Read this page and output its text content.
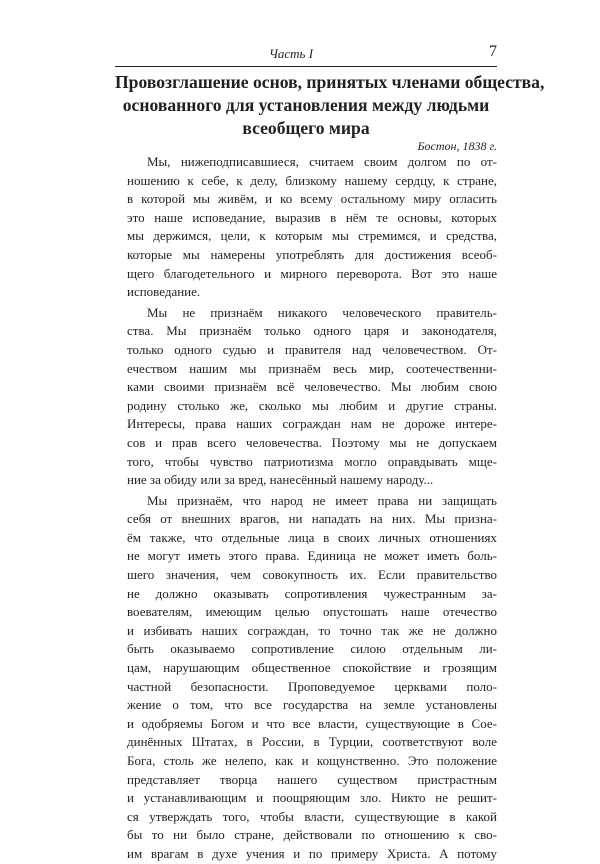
Часть I	7
Провозглашение основ, принятых членами общества,
основанного для установления между людьми
всеобщего мира
Бостон, 1838 г.

Мы, нижеподписавшиеся, считаем своим долгом по от-
ношению к себе, к делу, близкому нашему сердцу, к стране,
в которой мы живём, и ко всему остальному миру огласить
это наше исповедание, выразив в нём те основы, которых
мы держимся, цели, к которым мы стремимся, и средства,
которые мы намерены употреблять для достижения всеоб-
щего благодетельного и мирного переворота. Вот это наше
исповедание.

Мы не признаём никакого человеческого правитель-
ства. Мы признаём только одного царя и законодателя,
только одного судью и правителя над человечеством. От-
ечеством нашим мы признаём весь мир, соотечественни-
ками своими признаём всё человечество. Мы любим свою
родину столько же, сколько мы любим и другие страны.
Интересы, права наших сограждан нам не дороже интере-
сов и прав всего человечества. Поэтому мы не допускаем
того, чтобы чувство патриотизма могло оправдывать мще-
ние за обиду или за вред, нанесённый нашему народу...

Мы признаём, что народ не имеет права ни защищать
себя от внешних врагов, ни нападать на них. Мы призна-
ём также, что отдельные лица в своих личных отношениях
не могут иметь этого права. Единица не может иметь боль-
шего значения, чем совокупность их. Если правительство
не должно оказывать сопротивления чужестранным за-
воевателям, имеющим целью опустошать наше отечество
и избивать наших сограждан, то точно так же не должно
быть оказываемо сопротивление силою отдельным ли-
цам, нарушающим общественное спокойствие и грозящим
частной безопасности. Проповедуемое церквами поло-
жение о том, что все государства на земле установлены
и одобряемы Богом и что все власти, существующие в Сое-
динённых Штатах, в России, в Турции, соответствуют воле
Бога, столь же нелепо, как и кощунственно. Это положение
представляет творца нашего существом пристрастным
и устанавливающим и поощряющим зло. Никто не решит-
ся утверждать того, чтобы власти, существующие в какой
бы то ни было стране, действовали по отношению к сво-
им врагам в духе учения и по примеру Христа. А потому
